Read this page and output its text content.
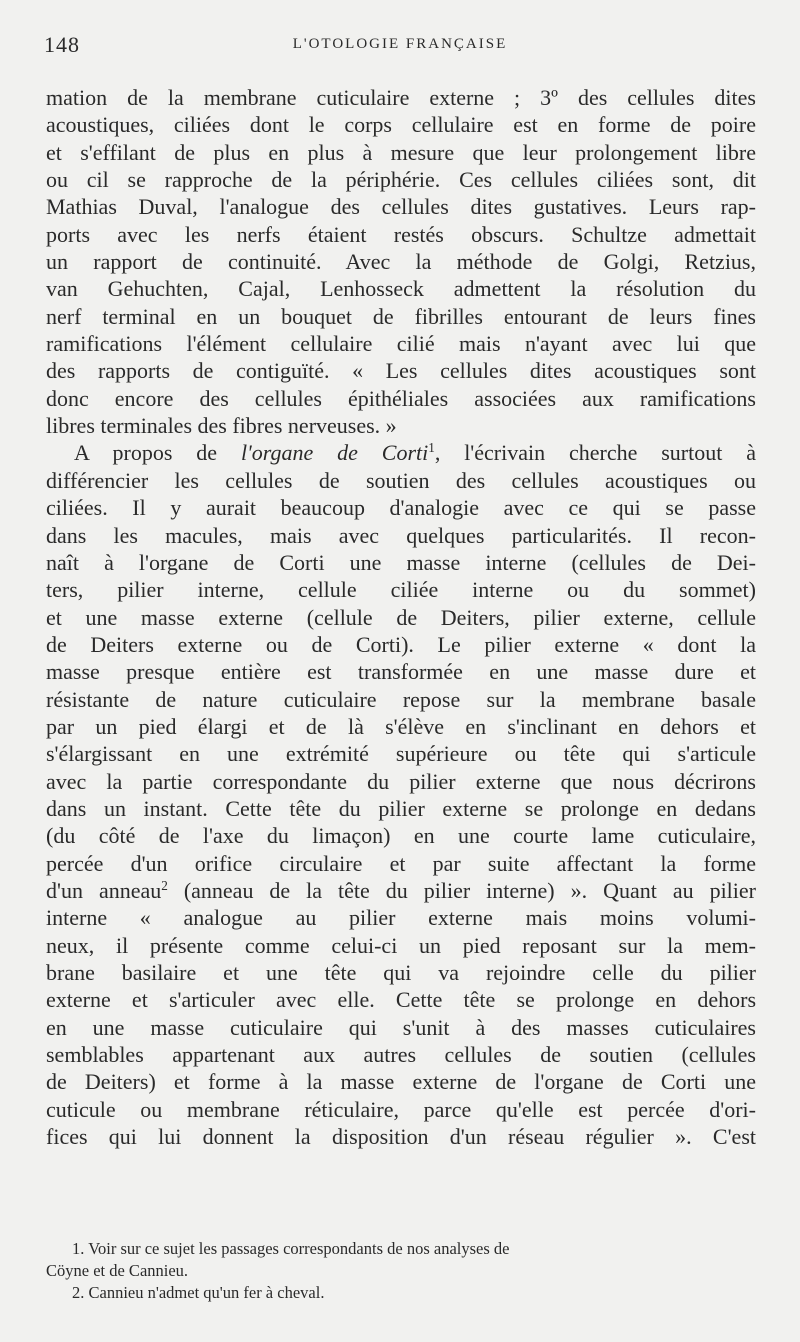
148	L'OTOLOGIE FRANÇAISE
mation de la membrane cuticulaire externe ; 3º des cellules dites
acoustiques, ciliées dont le corps cellulaire est en forme de poire
et s'effilant de plus en plus à mesure que leur prolongement libre
ou cil se rapproche de la périphérie. Ces cellules ciliées sont, dit
Mathias Duval, l'analogue des cellules dites gustatives. Leurs rap-
ports avec les nerfs étaient restés obscurs. Schultze admettait
un rapport de continuité. Avec la méthode de Golgi, Retzius,
van Gehuchten, Cajal, Lenhosseck admettent la résolution du
nerf terminal en un bouquet de fibrilles entourant de leurs fines
ramifications l'élément cellulaire cilié mais n'ayant avec lui que
des rapports de contiguïté. « Les cellules dites acoustiques sont
donc encore des cellules épithéliales associées aux ramifications
libres terminales des fibres nerveuses. »
A propos de l'organe de Corti$^1$, l'écrivain cherche surtout à
différencier les cellules de soutien des cellules acoustiques ou
ciliées. Il y aurait beaucoup d'analogie avec ce qui se passe
dans les macules, mais avec quelques particularités. Il recon-
naît à l'organe de Corti une masse interne (cellules de Dei-
ters, pilier interne, cellule ciliée interne ou du sommet)
et une masse externe (cellule de Deiters, pilier externe, cellule
de Deiters externe ou de Corti). Le pilier externe « dont la
masse presque entière est transformée en une masse dure et
résistante de nature cuticulaire repose sur la membrane basale
par un pied élargi et de là s'élève en s'inclinant en dehors et
s'élargissant en une extrémité supérieure ou tête qui s'articule
avec la partie correspondante du pilier externe que nous décrirons
dans un instant. Cette tête du pilier externe se prolonge en dedans
(du côté de l'axe du limaçon) en une courte lame cuticulaire,
percée d'un orifice circulaire et par suite affectant la forme
d'un anneau$^2$ (anneau de la tête du pilier interne) ». Quant au pilier
interne « analogue au pilier externe mais moins volumi-
neux, il présente comme celui-ci un pied reposant sur la mem-
brane basilaire et une tête qui va rejoindre celle du pilier
externe et s'articuler avec elle. Cette tête se prolonge en dehors
en une masse cuticulaire qui s'unit à des masses cuticulaires
semblables appartenant aux autres cellules de soutien (cellules
de Deiters) et forme à la masse externe de l'organe de Corti une
cuticule ou membrane réticulaire, parce qu'elle est percée d'ori-
fices qui lui donnent la disposition d'un réseau régulier ». C'est
1. Voir sur ce sujet les passages correspondants de nos analyses de
Cöyne et de Cannieu.
2. Cannieu n'admet qu'un fer à cheval.
